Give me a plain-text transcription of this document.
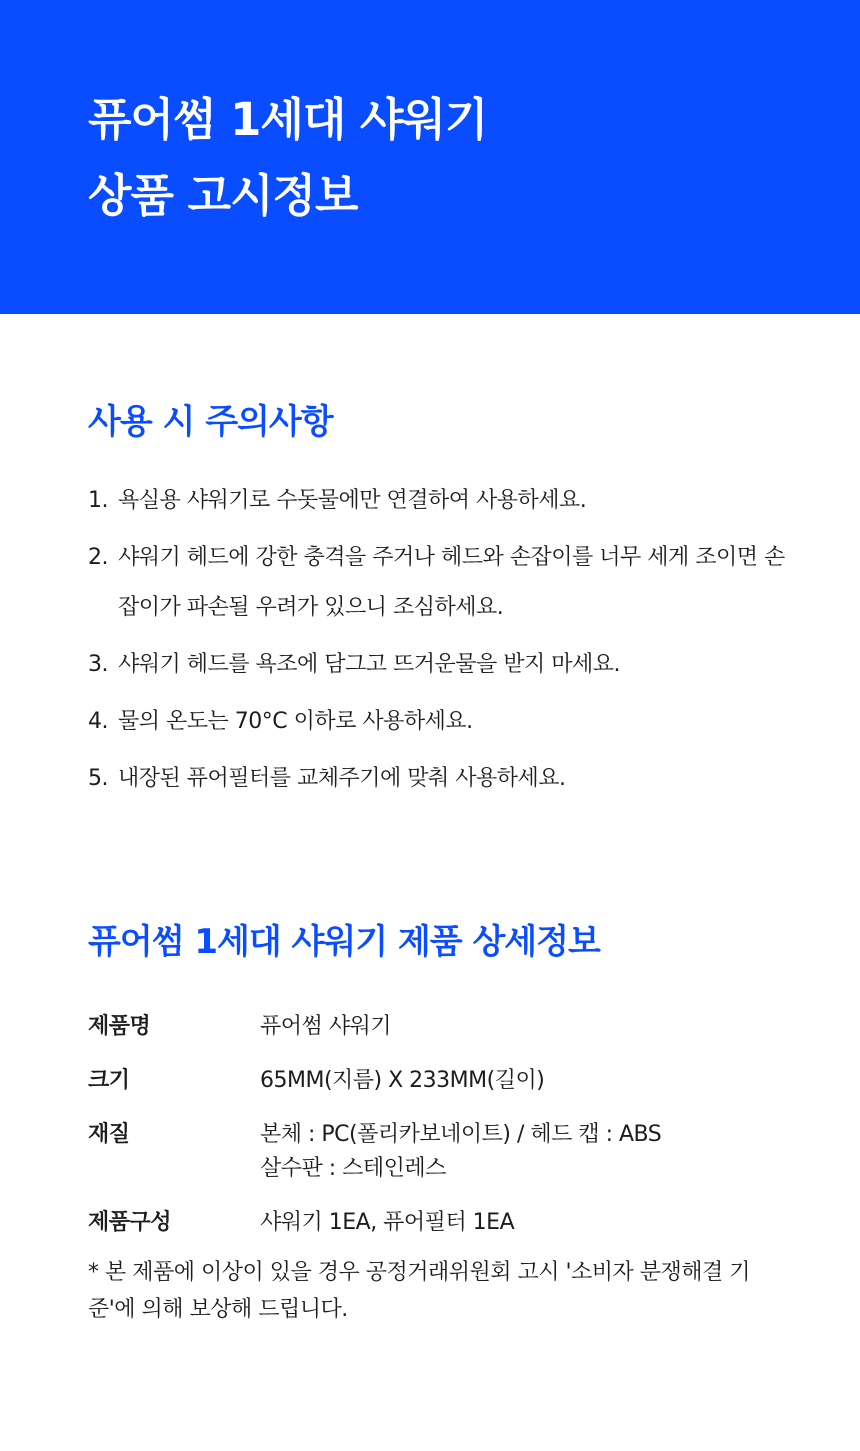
퓨어썸 1세대 샤워기
상품 고시정보
사용 시 주의사항
1. 욕실용 샤워기로 수돗물에만 연결하여 사용하세요.
2. 샤워기 헤드에 강한 충격을 주거나 헤드와 손잡이를 너무 세게 조이면 손잡이가 파손될 우려가 있으니 조심하세요.
3. 샤워기 헤드를 욕조에 담그고 뜨거운물을 받지 마세요.
4. 물의 온도는 70°C 이하로 사용하세요.
5. 내장된 퓨어필터를 교체주기에 맞춰 사용하세요.
퓨어썸 1세대 샤워기 제품 상세정보
제품명	퓨어썸 샤워기
크기	65MM(지름) X 233MM(길이)
재질	본체 : PC(폴리카보네이트) / 헤드 캡 : ABS
살수판 : 스테인레스
제품구성	샤워기 1EA, 퓨어필터 1EA

* 본 제품에 이상이 있을 경우 공정거래위원회 고시 '소비자 분쟁해결 기준'에 의해 보상해 드립니다.
